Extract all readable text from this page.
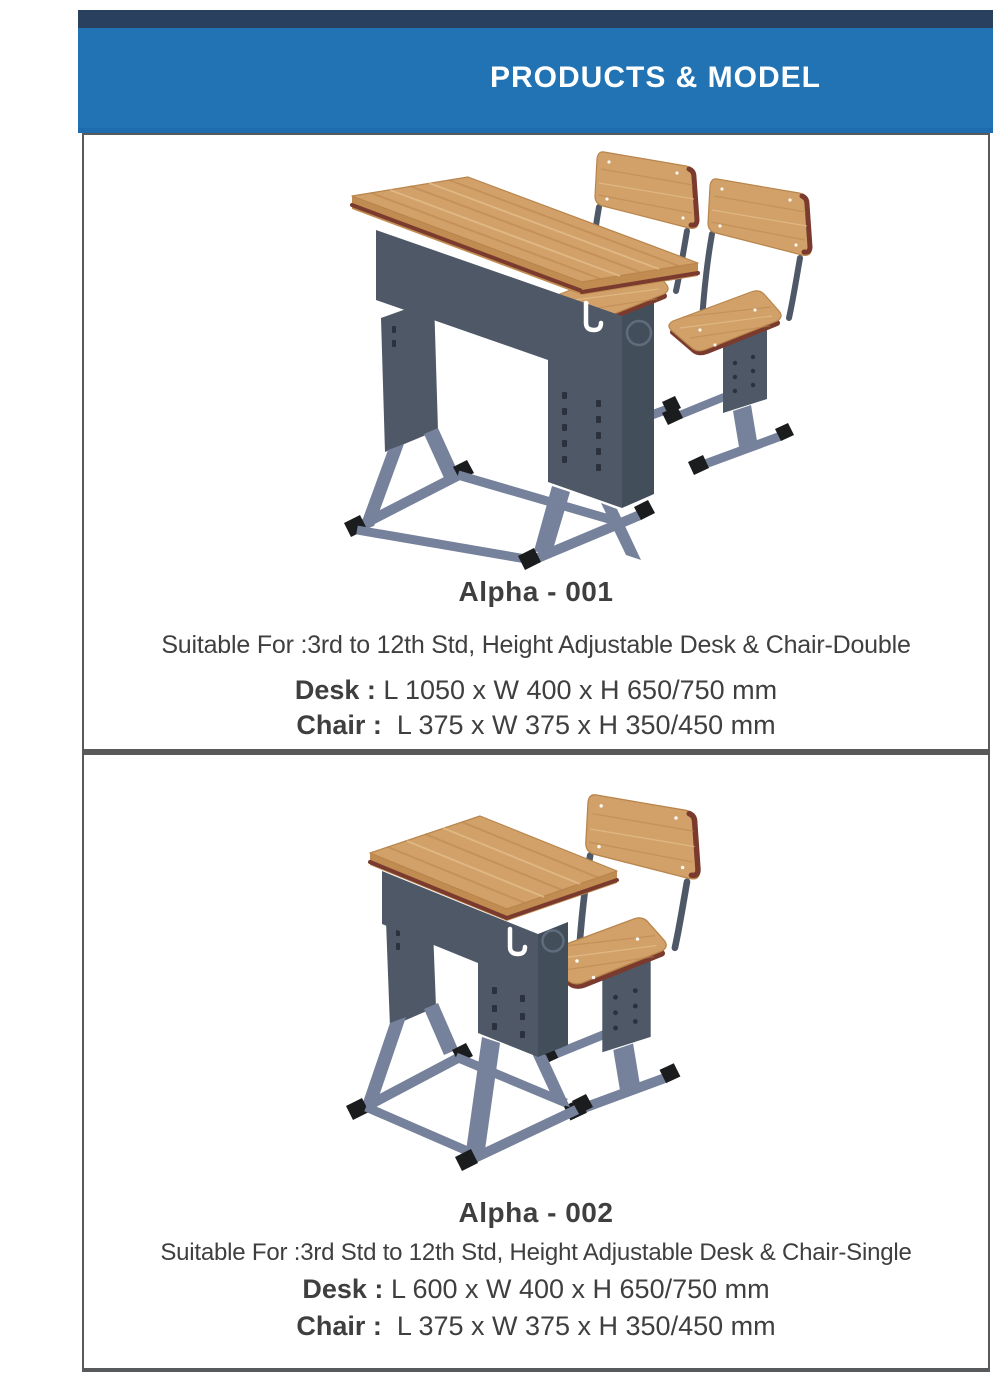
PRODUCTS & MODEL
Alpha - 001
Suitable For :3rd to 12th Std, Height Adjustable Desk & Chair-Double
Desk : L 1050 x W 400 x H 650/750 mm
Chair : L 375 x W 375 x H 350/450 mm
Alpha - 002
Suitable For :3rd Std to 12th Std, Height Adjustable Desk & Chair-Single
Desk : L 600 x W 400 x H 650/750 mm
Chair : L 375 x W 375 x H 350/450 mm
